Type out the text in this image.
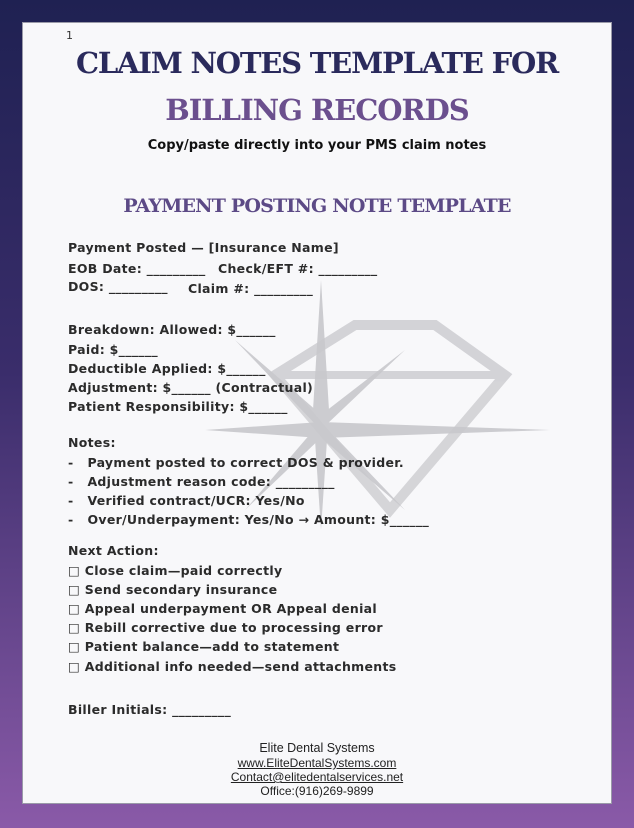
1
CLAIM NOTES TEMPLATE FOR
BILLING RECORDS
Copy/paste directly into your PMS claim notes
PAYMENT POSTING NOTE TEMPLATE
Payment Posted — [Insurance Name]
EOB Date: _________ Check/EFT #: _________
DOS: _________ Claim #: _________
Breakdown: Allowed: $______
Paid: $______
Deductible Applied: $______
Adjustment: $______ (Contractual)
Patient Responsibility: $______
Notes:
-   Payment posted to correct DOS & provider.
-   Adjustment reason code: _________
-   Verified contract/UCR: Yes/No
-   Over/Underpayment: Yes/No → Amount: $______
Next Action:
□ Close claim—paid correctly
□ Send secondary insurance
□ Appeal underpayment OR Appeal denial
□ Rebill corrective due to processing error
□ Patient balance—add to statement
□ Additional info needed—send attachments
Biller Initials: _________
Elite Dental Systems
www.EliteDentalSystems.com
Contact@elitedentalservices.net
Office:(916)269-9899
